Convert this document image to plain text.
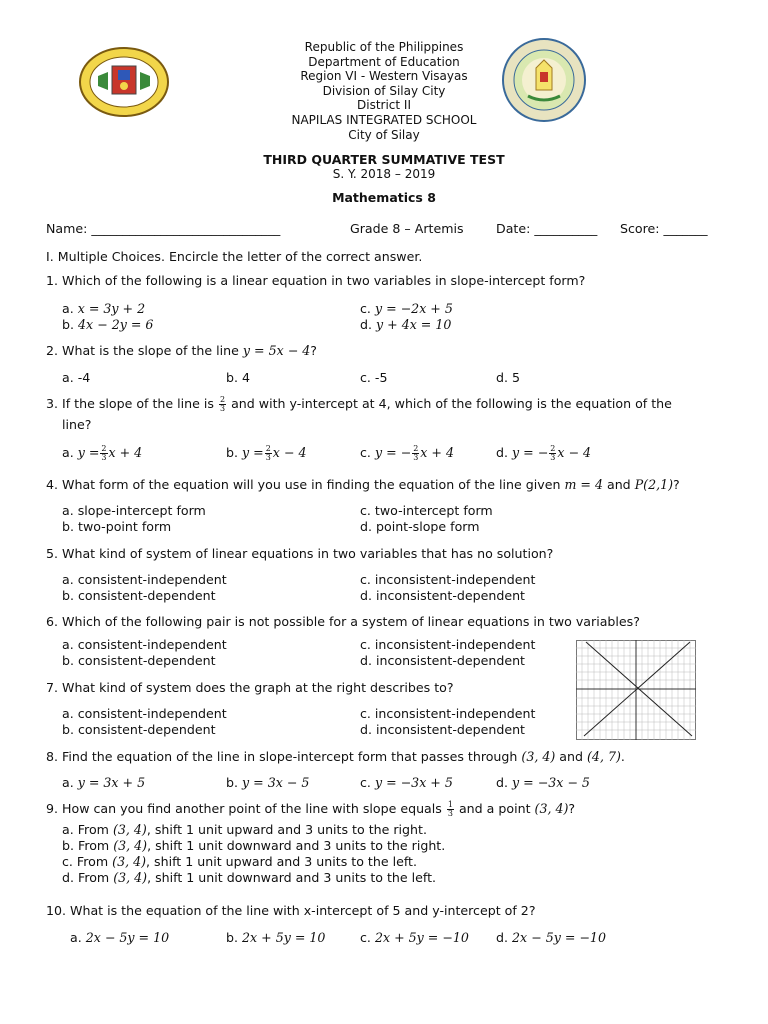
Republic of the Philippines
Department of Education
Region VI - Western Visayas
Division of Silay City
District II
NAPILAS INTEGRATED SCHOOL
City of Silay
THIRD QUARTER SUMMATIVE TEST
S. Y. 2018 – 2019
Mathematics 8
Name: ______________________________	Grade 8 – Artemis	Date: __________ Score: _______
I. Multiple Choices. Encircle the letter of the correct answer.
1. Which of the following is a linear equation in two variables in slope-intercept form?
a. x = 3y + 2
b. 4x − 2y = 6
c. y = −2x + 5
d. y + 4x = 10
2. What is the slope of the line y = 5x − 4?
a. -4	b. 4	c. -5	d. 5
3. If the slope of the line is $\frac{2}{3}$ and with y-intercept at 4, which of the following is the equation of the
line?
a. $y = \frac{2}{3}$ x + 4	b. $y = \frac{2}{3}$ x − 4	c. y = − $\frac{2}{3}$ x + 4	d. y = − $\frac{2}{3}$ x − 4
4. What form of the equation will you use in finding the equation of the line given m = 4 and P(2,1)?
a. slope-intercept form
b. two-point form
c. two-intercept form
d. point-slope form
5. What kind of system of linear equations in two variables that has no solution?
a. consistent-independent
b. consistent-dependent
c. inconsistent-independent
d. inconsistent-dependent
6. Which of the following pair is not possible for a system of linear equations in two variables?
a. consistent-independent
b. consistent-dependent
c. inconsistent-independent
d. inconsistent-dependent
7. What kind of system does the graph at the right describes to?
a. consistent-independent
b. consistent-dependent
c. inconsistent-independent
d. inconsistent-dependent
8. Find the equation of the line in slope-intercept form that passes through (3, 4) and (4, 7).
a. y = 3x + 5	b. y = 3x − 5	c. y = −3x + 5	d. y = −3x − 5
9. How can you find another point of the line with slope equals $\frac{1}{3}$ and a point (3, 4)?
a. From (3, 4), shift 1 unit upward and 3 units to the right.
b. From (3, 4), shift 1 unit downward and 3 units to the right.
c. From (3, 4), shift 1 unit upward and 3 units to the left.
d. From (3, 4), shift 1 unit downward and 3 units to the left.
10. What is the equation of the line with x-intercept of 5 and y-intercept of 2?
a. 2x − 5y = 10	b. 2x + 5y = 10	c. 2x + 5y = −10 d. 2x − 5y = −10
